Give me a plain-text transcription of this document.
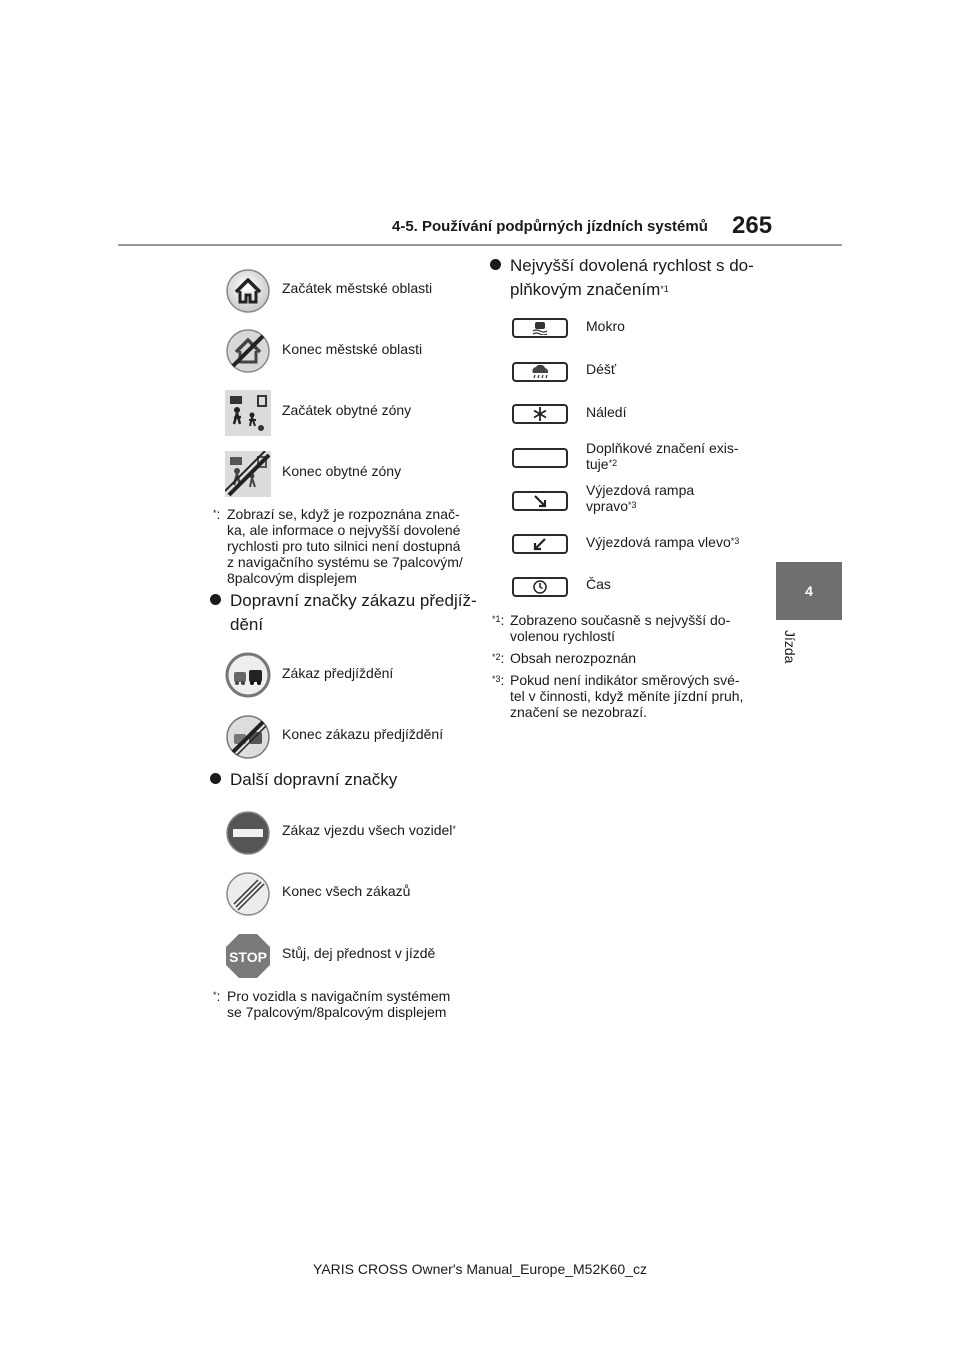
4-5. Používání podpůrných jízdních systémů 265
4
Jízda
Začátek městské oblasti
Konec městské oblasti
Začátek obytné zóny
Konec obytné zóny
*: Zobrazí se, když je rozpoznána znač-
ka, ale informace o nejvyšší dovolené
rychlosti pro tuto silnici není dostupná
z navigačního systému se 7palcovým/
8palcovým displejem
Dopravní značky zákazu předjíž-
dění
Zákaz předjíždění
Konec zákazu předjíždění
Další dopravní značky
Zákaz vjezdu všech vozidel*
Konec všech zákazů
STOP Stůj, dej přednost v jízdě
*: Pro vozidla s navigačním systémem
se 7palcovým/8palcovým displejem
Nejvyšší dovolená rychlost s do-
plňkovým značením$^{*1}$
Mokro
Déšť
Náledí
Doplňkové značení exis-
tuje$^{*2}$
Výjezdová rampa
vpravo$^{*3}$
Výjezdová rampa vlevo$^{*3}$
Čas
$^{*1}$: Zobrazeno současně s nejvyšší do-
volenou rychlostí
$^{*2}$: Obsah nerozpoznán
$^{*3}$: Pokud není indikátor směrových své-
tel v činnosti, když měníte jízdní pruh,
značení se nezobrazí.
YARIS CROSS Owner's Manual_Europe_M52K60_cz
